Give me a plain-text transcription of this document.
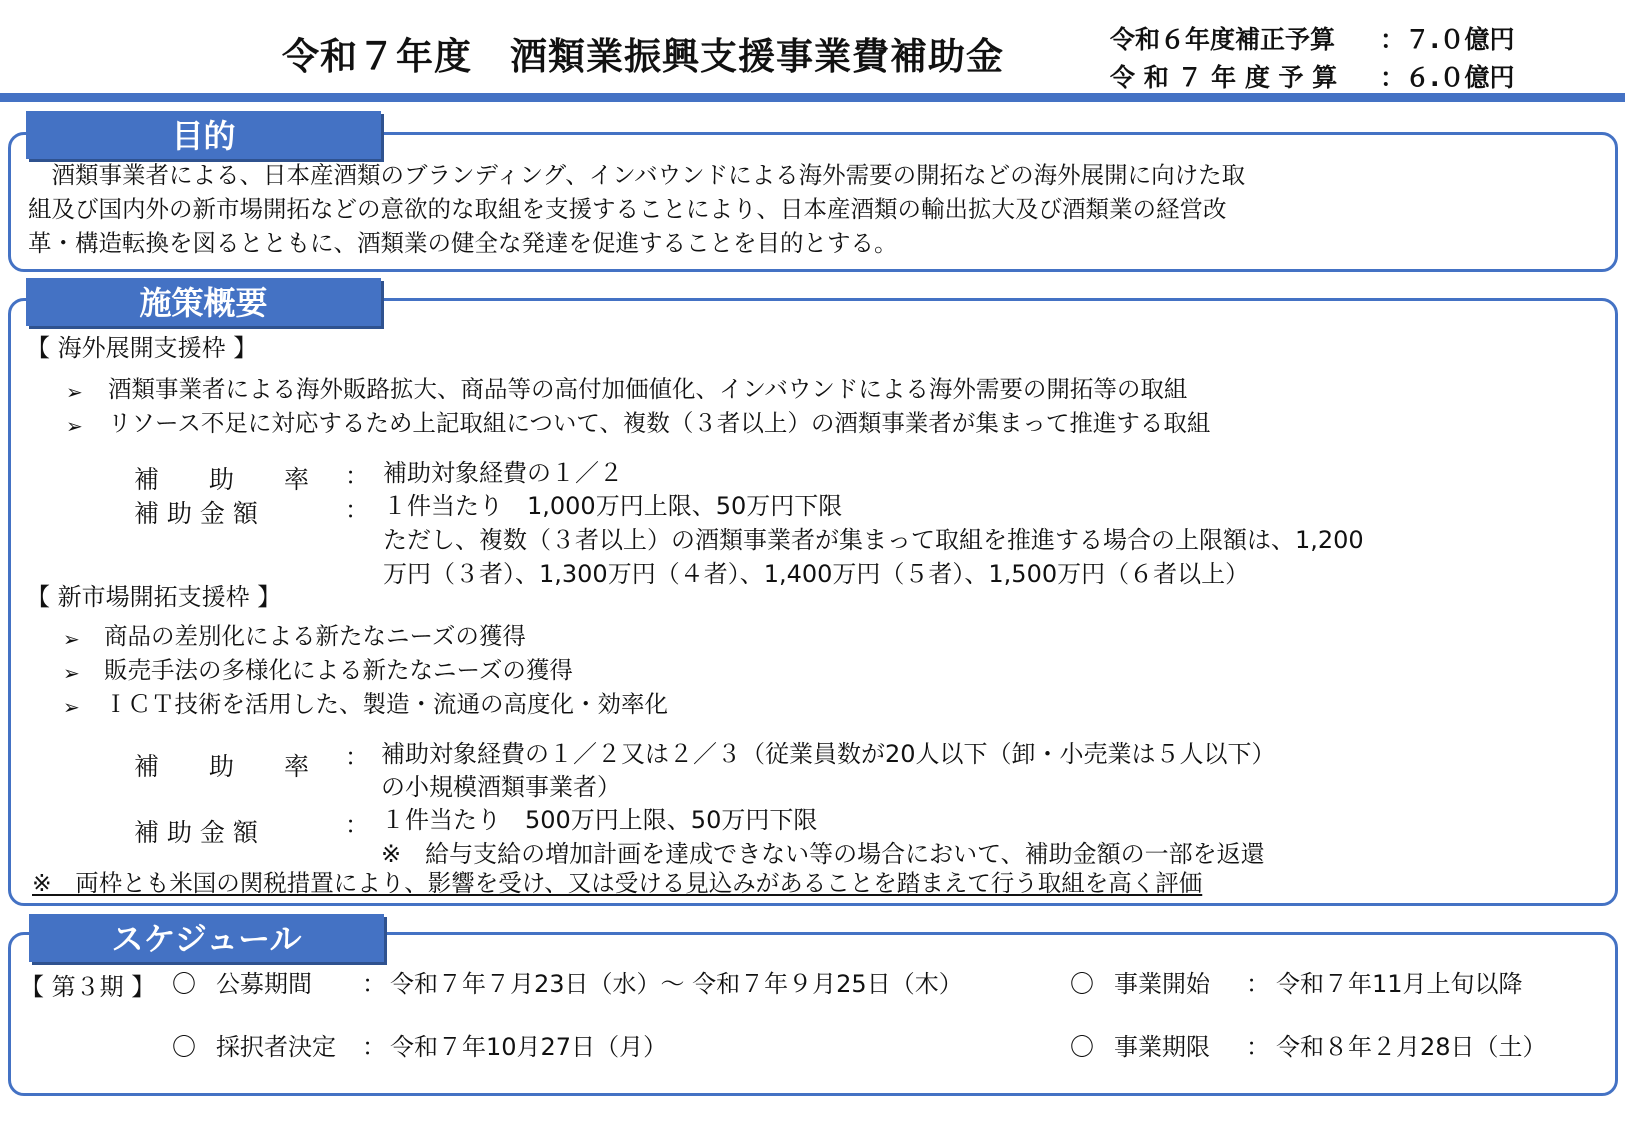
令和７年度　酒類業振興支援事業費補助金	令和６年度補正予算 ：７.０億円
令 和 ７ 年 度 予 算 ：６.０億円
目的
　酒類事業者による、日本産酒類のブランディング、インバウンドによる海外需要の開拓などの海外展開に向けた取
組及び国内外の新市場開拓などの意欲的な取組を支援することにより、日本産酒類の輸出拡大及び酒類業の経営改
革・構造転換を図るとともに、酒類業の健全な発達を促進することを目的とする。
施策概要
【 海外展開支援枠 】
➢ 酒類事業者による海外販路拡大、商品等の高付加価値化、インバウンドによる海外需要の開拓等の取組
➢ リソース不足に対応するため上記取組について、複数（３者以上）の酒類事業者が集まって推進する取組
補　　助　　率 ： 補助対象経費の１／２
補 助 金 額	： １件当たり　1,000万円上限、50万円下限
ただし、複数（３者以上）の酒類事業者が集まって取組を推進する場合の上限額は、1,200
万円（３者）、1,300万円（４者）、1,400万円（５者）、1,500万円（６者以上）
【 新市場開拓支援枠 】
➢ 商品の差別化による新たなニーズの獲得
➢ 販売手法の多様化による新たなニーズの獲得
➢ ＩＣＴ技術を活用した、製造・流通の高度化・効率化
補　　助　　率 ： 補助対象経費の１／２又は２／３（従業員数が20人以下（卸・小売業は５人以下）
の小規模酒類事業者）
補 助 金 額	： １件当たり　500万円上限、50万円下限
※　給与支給の増加計画を達成できない等の場合において、補助金額の一部を返還
※　両枠とも米国の関税措置により、影響を受け、又は受ける見込みがあることを踏まえて行う取組を高く評価
スケジュール
【 第３期 】 〇 公募期間 ： 令和７年７月23日（水）～ 令和７年９月25日（木）	〇 事業開始 ： 令和７年11月上旬以降
〇 採択者決定 ： 令和７年10月27日（月）	〇 事業期限 ： 令和８年２月28日（土）
